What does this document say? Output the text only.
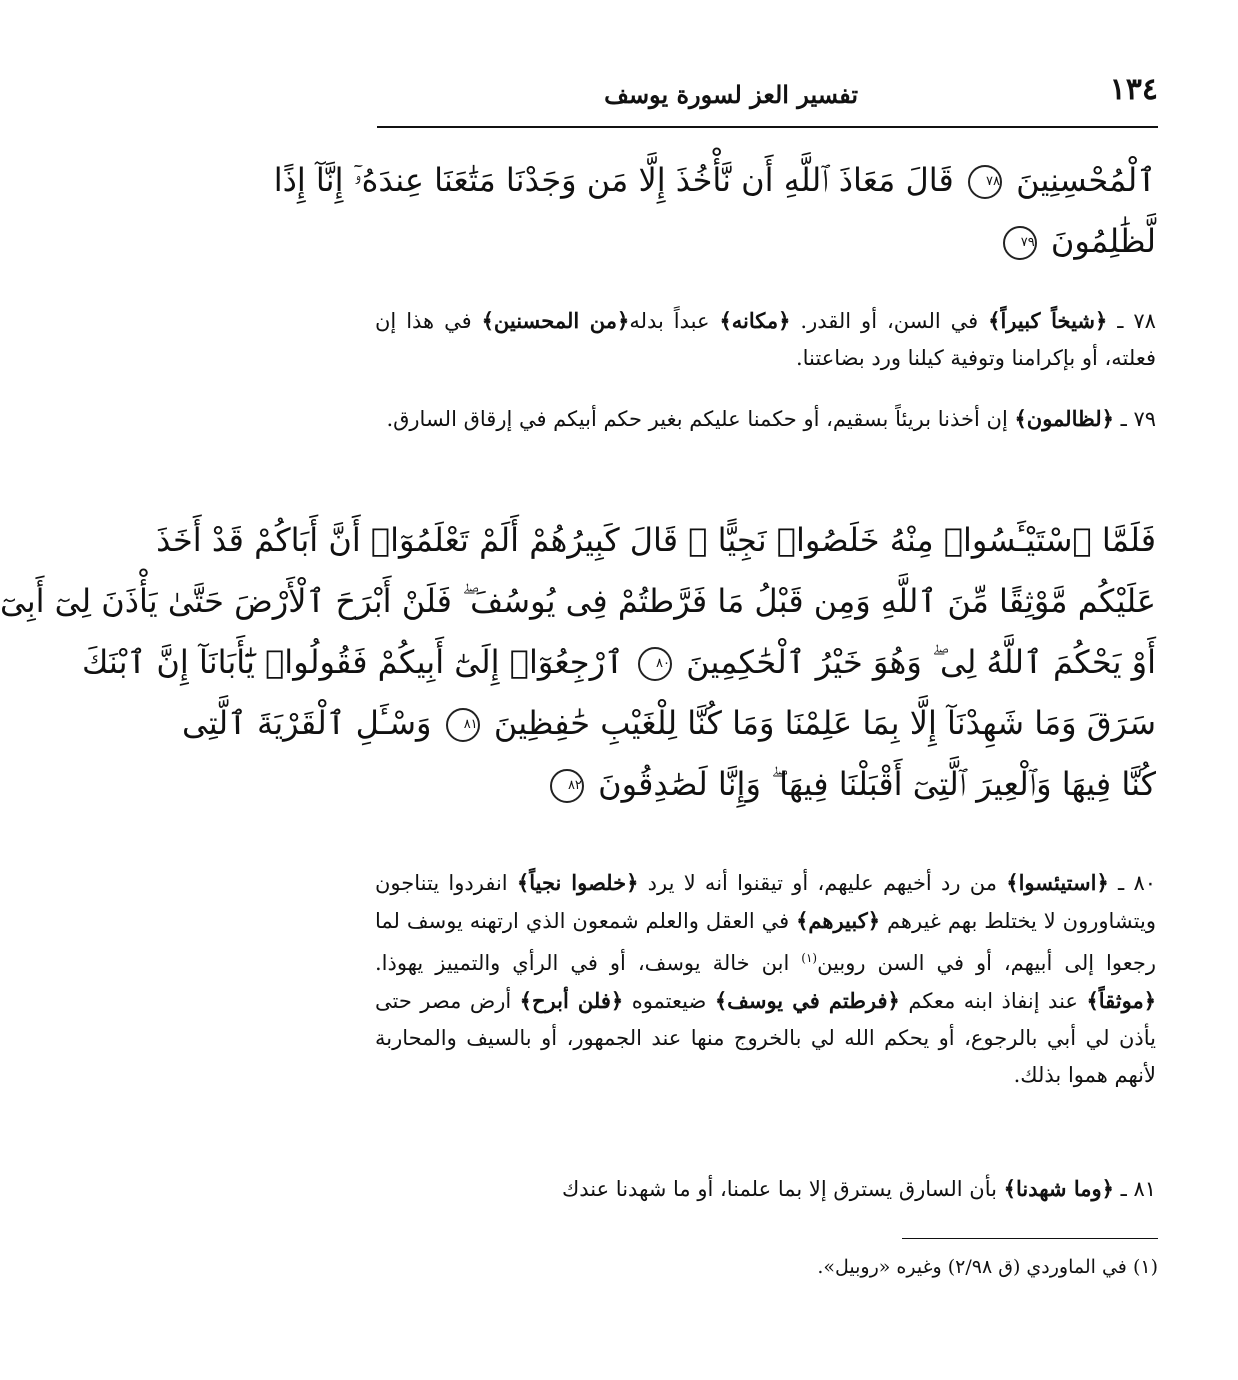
١٣٤
تفسير العز لسورة يوسف
ٱلْمُحْسِنِينَ ٧٨ قَالَ مَعَاذَ ٱللَّهِ أَن نَّأْخُذَ إِلَّا مَن وَجَدْنَا مَتَٰعَنَا عِندَهُۥٓ إِنَّآ إِذًا
لَّظَٰلِمُونَ ٧٩

٧٨ ـ ﴿شيخاً كبيراً﴾ في السن، أو القدر. ﴿مكانه﴾ عبداً بدله﴿من المحسنين﴾ في هذا إن فعلته، أو بإكرامنا وتوفية كيلنا ورد بضاعتنا.

٧٩ ـ ﴿لظالمون﴾ إن أخذنا بريئاً بسقيم، أو حكمنا عليكم بغير حكم أبيكم في إرقاق السارق.

فَلَمَّا ٱسْتَيْـَٔسُوا۟ مِنْهُ خَلَصُوا۟ نَجِيًّا ۖ قَالَ كَبِيرُهُمْ أَلَمْ تَعْلَمُوٓا۟ أَنَّ أَبَاكُمْ قَدْ أَخَذَ
عَلَيْكُم مَّوْثِقًا مِّنَ ٱللَّهِ وَمِن قَبْلُ مَا فَرَّطتُمْ فِى يُوسُفَ ۖ فَلَنْ أَبْرَحَ ٱلْأَرْضَ حَتَّىٰ يَأْذَنَ لِىٓ أَبِىٓ
أَوْ يَحْكُمَ ٱللَّهُ لِى ۖ وَهُوَ خَيْرُ ٱلْحَٰكِمِينَ ٨٠ ٱرْجِعُوٓا۟ إِلَىٰٓ أَبِيكُمْ فَقُولُوا۟ يَٰٓأَبَانَآ إِنَّ ٱبْنَكَ
سَرَقَ وَمَا شَهِدْنَآ إِلَّا بِمَا عَلِمْنَا وَمَا كُنَّا لِلْغَيْبِ حَٰفِظِينَ ٨١ وَسْـَٔلِ ٱلْقَرْيَةَ ٱلَّتِى
كُنَّا فِيهَا وَٱلْعِيرَ ٱلَّتِىٓ أَقْبَلْنَا فِيهَا ۖ وَإِنَّا لَصَٰدِقُونَ ٨٢

٨٠ ـ ﴿استيئسوا﴾ من رد أخيهم عليهم، أو تيقنوا أنه لا يرد ﴿خلصوا نجياً﴾ انفردوا يتناجون ويتشاورون لا يختلط بهم غيرهم ﴿كبيرهم﴾ في العقل والعلم شمعون الذي ارتهنه يوسف لما رجعوا إلى أبيهم، أو في السن روبين$^{(١)}$ ابن خالة يوسف، أو في الرأي والتمييز يهوذا. ﴿موثقاً﴾ عند إنفاذ ابنه معكم ﴿فرطتم في يوسف﴾ ضيعتموه ﴿فلن أبرح﴾ أرض مصر حتى يأذن لي أبي بالرجوع، أو يحكم الله لي بالخروج منها عند الجمهور، أو بالسيف والمحاربة لأنهم هموا بذلك.

٨١ ـ ﴿وما شهدنا﴾ بأن السارق يسترق إلا بما علمنا، أو ما شهدنا عندك

(١) في الماوردي (ق ٢/٩٨) وغيره «روبيل».
